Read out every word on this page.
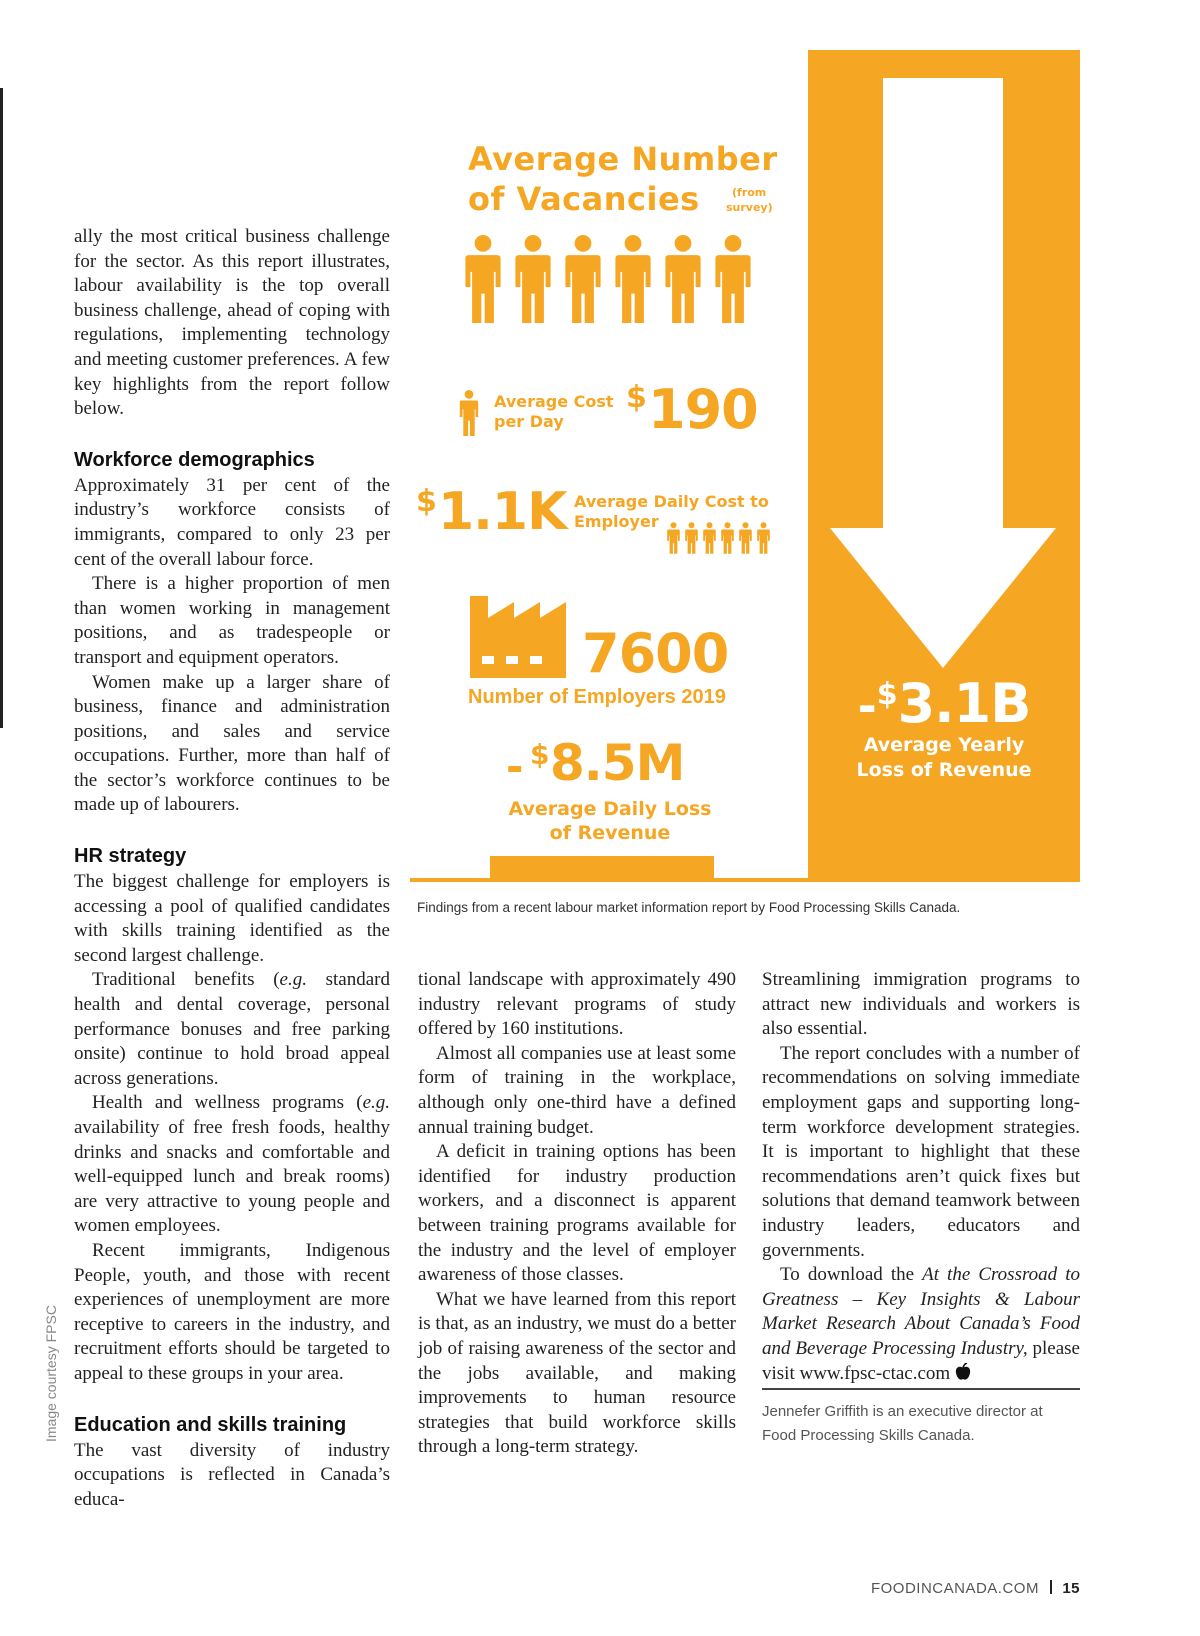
ally the most critical business challenge for the sector. As this report illustrates, labour availability is the top overall business challenge, ahead of coping with regulations, implementing technology and meeting customer preferences. A few key highlights from the report follow below.

Workforce demographics

Approximately 31 per cent of the industry’s workforce consists of immigrants, compared to only 23 per cent of the overall labour force.

There is a higher proportion of men than women working in management positions, and as tradespeople or transport and equipment operators.

Women make up a larger share of business, finance and administration positions, and sales and service occupations. Further, more than half of the sector’s workforce continues to be made up of labourers.

HR strategy

The biggest challenge for employers is accessing a pool of qualified candidates with skills training identified as the second largest challenge.

Traditional benefits (e.g. standard health and dental coverage, personal performance bonuses and free parking onsite) continue to hold broad appeal across generations.

Health and wellness programs (e.g. availability of free fresh foods, healthy drinks and snacks and comfortable and well-equipped lunch and break rooms) are very attractive to young people and women employees.

Recent immigrants, Indigenous People, youth, and those with recent experiences of unemployment are more receptive to careers in the industry, and recruitment efforts should be targeted to appeal to these groups in your area.

Education and skills training

The vast diversity of industry occupations is reflected in Canada’s educa-

Average Number
of Vacancies	(from
survey)
Average Cost
per Day
$ 190
$ 1.1K Average Daily Cost to
Employer
7600
Number of Employers 2019
- $ 8.5M
Average Daily Loss
of Revenue
-$3.1B
Average Yearly
Loss of Revenue
Findings from a recent labour market information report by Food Processing Skills Canada.

tional landscape with approximately 490 industry relevant programs of study offered by 160 institutions.

Almost all companies use at least some form of training in the workplace, although only one-third have a defined annual training budget.

A deficit in training options has been identified for industry production workers, and a disconnect is apparent between training programs available for the industry and the level of employer awareness of those classes.

What we have learned from this report is that, as an industry, we must do a better job of raising awareness of the sector and the jobs available, and making improvements to human resource strategies that build workforce skills through a long-term strategy.

Streamlining immigration programs to attract new individuals and workers is also essential.

The report concludes with a number of recommendations on solving immediate employment gaps and supporting long-term workforce development strategies. It is important to highlight that these recommendations aren’t quick fixes but solutions that demand teamwork between industry leaders, educators and governments.

To download the At the Crossroad to Greatness – Key Insights & Labour Market Research About Canada’s Food and Beverage Processing Industry, please visit www.fpsc-ctac.com

Jennefer Griffith is an executive director at Food Processing Skills Canada.
Image courtesy FPSC
FOODINCANADA.COM 15
